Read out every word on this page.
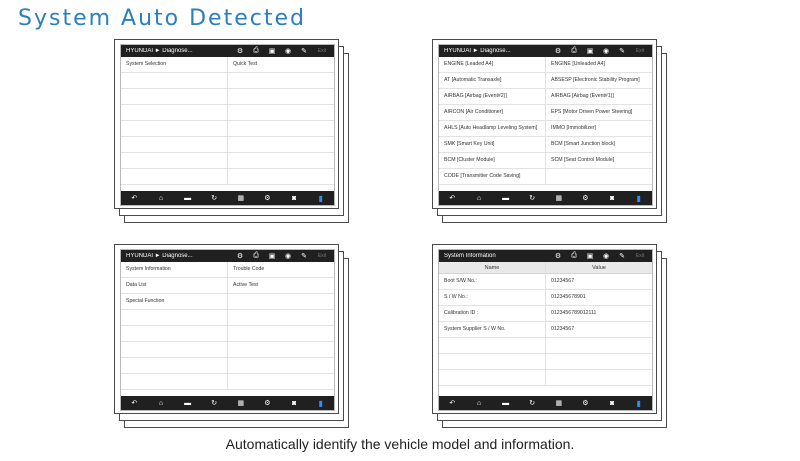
System Auto Detected
HYUNDAI ► Diagnose...	⚙	⎙	▣	◉	✎	Exit
System Selection	Quick Test
↶	⌂	▬	↻	▦	⚙	◙	▮
HYUNDAI ► Diagnose...	⚙	⎙	▣	◉	✎	Exit
ENGINE [Leaded A4]	ENGINE [Unleaded A4]
AT [Automatic Transaxle]	ABSESP [Electronic Stability Program]
AIRBAG [Airbag (Event#2)]	AIRBAG [Airbag (Event#1)]
AIRCON [Air Conditioner]	EPS [Motor Driven Power Steering]
AHLS [Auto Headlamp Leveling System]	IMMO [Immobilizer]
SMK [Smart Key Unit]	BCM [Smart Junction block]
BCM [Cluster Module]	SCM [Seat Control Module]
CODE [Transmitter Code Saving]
↶	⌂	▬	↻	▦	⚙	◙	▮
HYUNDAI ► Diagnose...	⚙	⎙	▣	◉	✎	Exit
System Information	Trouble Code
Data List	Active Test
Special Function
↶	⌂	▬	↻	▦	⚙	◙	▮
System Information	⚙	⎙	▣	◉	✎	Exit
Name	Value
Boot S/W No.:	01234567
S / W No.:	012345678901
Calibration ID :	0123456789012111
System Supplier S / W No.	01234567
↶	⌂	▬	↻	▦	⚙	◙	▮
Automatically identify the vehicle model and information.
